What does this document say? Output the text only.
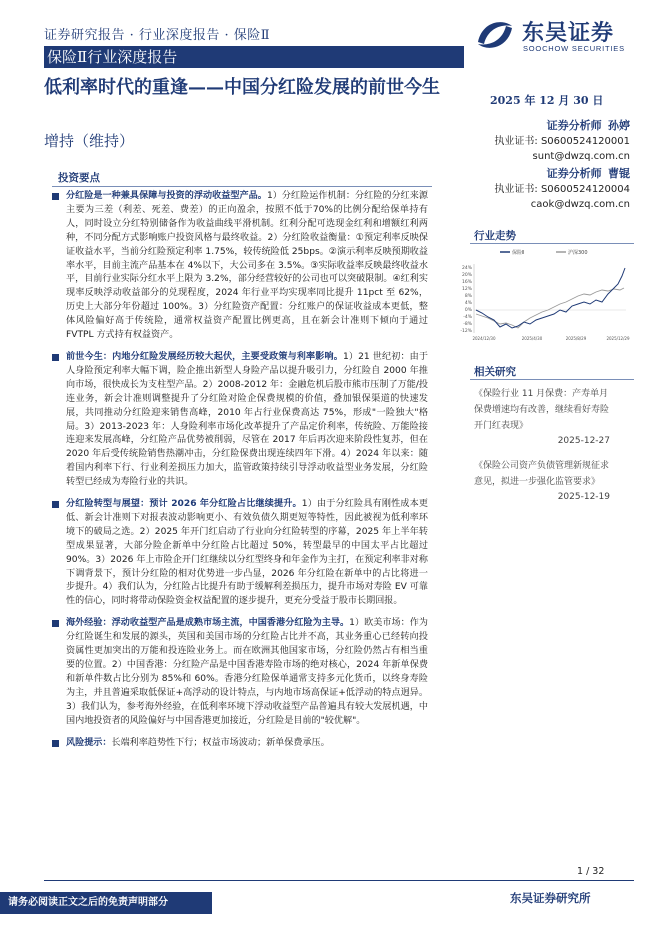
证券研究报告 · 行业深度报告 · 保险Ⅱ	东吴证券
SOOCHOW SECURITIES
保险Ⅱ行业深度报告
低利率时代的重逢——中国分红险发展的前世今生
增持（维持）
2025 年 12 月 30 日
证券分析师 孙婷
执业证书: S0600524120001
sunt@dwzq.com.cn
证券分析师 曹锟
执业证书: S0600524120004
caok@dwzq.com.cn
投资要点
分红险是一种兼具保障与投资的浮动收益型产品。1）分红险运作机制：分红险的分红来源主要为三差（利差、死差、费差）的正向盈余，按照不低于70%的比例分配给保单持有人，同时设立分红特别储备作为收益曲线平滑机制。红利分配可选现金红利和增额红利两种，不同分配方式影响账户投资风格与最终收益。2）分红险收益衡量：①预定利率反映保证收益水平，当前分红险预定利率 1.75%，较传统险低 25bps。②演示利率反映预期收益率水平，目前主流产品基本在 4%以下，大公司多在 3.5%。③实际收益率反映最终收益水平，目前行业实际分红水平上限为 3.2%，部分经营较好的公司也可以突破限制。④红利实现率反映浮动收益部分的兑现程度，2024 年行业平均实现率同比提升 11pct 至 62%，历史上大部分年份超过 100%。3）分红险资产配置：分红账户的保证收益成本更低，整体风险偏好高于传统险，通常权益资产配置比例更高，且在新会计准则下倾向于通过 FVTPL 方式持有权益资产。
前世今生：内地分红险发展经历较大起伏，主要受政策与利率影响。1）21 世纪初：由于人身险预定利率大幅下调，险企推出新型人身险产品以提升吸引力，分红险自 2000 年推向市场，很快成长为支柱型产品。2）2008-2012 年：金融危机后股市熊市压制了万能/投连业务，新会计准则调整提升了分红险对险企保费规模的价值，叠加银保渠道的快速发展，共同推动分红险迎来销售高峰，2010 年占行业保费高达 75%，形成"一险独大"格局。3）2013-2023 年：人身险利率市场化改革提升了产品定价利率，传统险、万能险接连迎来发展高峰，分红险产品优势被削弱，尽管在 2017 年后再次迎来阶段性复苏，但在 2020 年后受传统险销售热潮冲击，分红险保费出现连续四年下滑。4）2024 年以来：随着国内利率下行、行业利差损压力加大，监管政策持续引导浮动收益型业务发展，分红险转型已经成为寿险行业的共识。
分红险转型与展望：预计 2026 年分红险占比继续提升。1）由于分红险具有刚性成本更低、新会计准则下对报表波动影响更小、有效负债久期更短等特性，因此被视为低利率环境下的破局之选。2）2025 年开门红启动了行业向分红险转型的序幕，2025 年上半年转型成果显著，大部分险企新单中分红险占比超过 50%，转型最早的中国太平占比超过 90%。3）2026 年上市险企开门红继续以分红型终身和年金作为主打，在预定利率非对称下调背景下，预计分红险的相对优势进一步凸显，2026 年分红险在新单中的占比将进一步提升。4）我们认为，分红险占比提升有助于缓解利差损压力，提升市场对寿险 EV 可靠性的信心，同时将带动保险资金权益配置的逐步提升，更充分受益于股市长期回报。
海外经验：浮动收益型产品是成熟市场主流，中国香港分红险为主导。1）欧美市场：作为分红险诞生和发展的源头，英国和美国市场的分红险占比并不高，其业务重心已经转向投资属性更加突出的万能和投连险业务上。而在欧洲其他国家市场，分红险仍然占有相当重要的位置。2）中国香港：分红险产品是中国香港寿险市场的绝对核心，2024 年新单保费和新单件数占比分别为 85%和 60%。香港分红险保单通常支持多元化货币，以终身寿险为主，并且普遍采取低保证+高浮动的设计特点，与内地市场高保证+低浮动的特点迥异。3）我们认为，参考海外经验，在低利率环境下浮动收益型产品普遍具有较大发展机遇，中国内地投资者的风险偏好与中国香港更加接近，分红险是目前的"较优解"。
风险提示：长端利率趋势性下行；权益市场波动；新单保费承压。
行业走势
保险Ⅱ	沪深300
24%
20%
16%
12%
8%
4%
0%
-4%
-8%
-12%
2024/12/30	2025/4/30	2025/8/29	2025/12/29
相关研究
《保险行业 11 月保费：产寿单月保费增速均有改善，继续看好寿险开门红表现》
2025-12-27
《保险公司资产负债管理新规征求意见，拟进一步强化监管要求》
2025-12-19
1 / 32
请务必阅读正文之后的免责声明部分	东吴证券研究所
